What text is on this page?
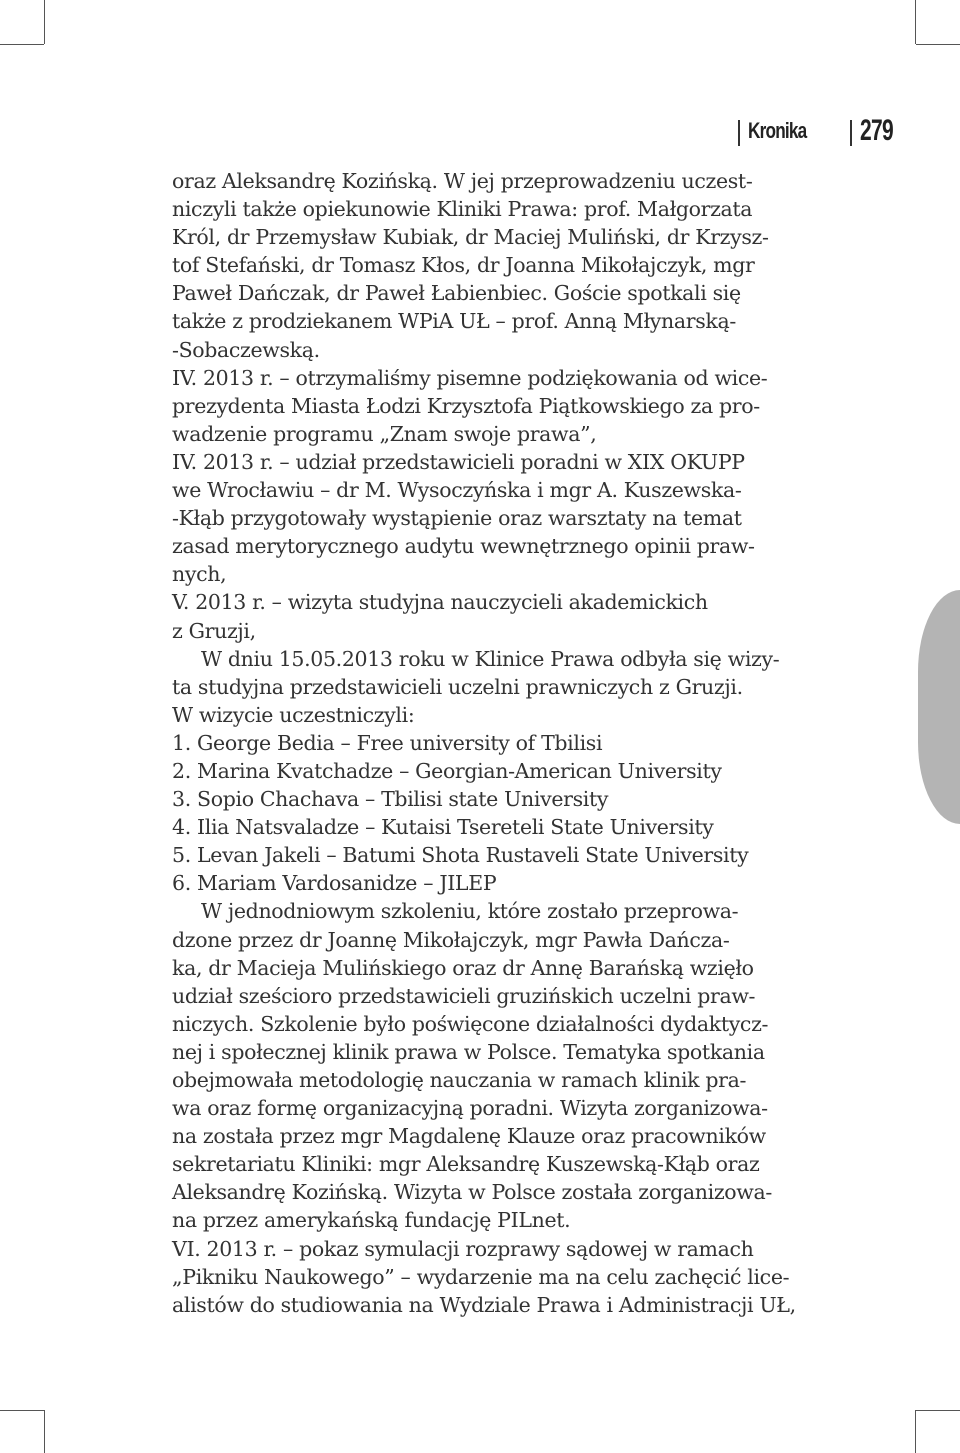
Kronika 279
oraz Aleksandrę Kozińską. W jej przeprowadzeniu uczest-
niczyli także opiekunowie Kliniki Prawa: prof. Małgorzata
Król, dr Przemysław Kubiak, dr Maciej Muliński, dr Krzysz-
tof Stefański, dr Tomasz Kłos, dr Joanna Mikołajczyk, mgr
Paweł Dańczak, dr Paweł Łabienbiec. Goście spotkali się
także z prodziekanem WPiA UŁ – prof. Anną Młynarską-
-Sobaczewską.
IV. 2013 r. – otrzymaliśmy pisemne podziękowania od wice-
prezydenta Miasta Łodzi Krzysztofa Piątkowskiego za pro-
wadzenie programu „Znam swoje prawa”,
IV. 2013 r. – udział przedstawicieli poradni w XIX OKUPP
we Wrocławiu – dr M. Wysoczyńska i mgr A. Kuszewska-
-Kłąb przygotowały wystąpienie oraz warsztaty na temat
zasad merytorycznego audytu wewnętrznego opinii praw-
nych,
V. 2013 r. – wizyta studyjna nauczycieli akademickich
z Gruzji,
W dniu 15.05.2013 roku w Klinice Prawa odbyła się wizy-
ta studyjna przedstawicieli uczelni prawniczych z Gruzji.
W wizycie uczestniczyli:
1. George Bedia – Free university of Tbilisi
2. Marina Kvatchadze – Georgian-American University
3. Sopio Chachava – Tbilisi state University
4. Ilia Natsvaladze – Kutaisi Tsereteli State University
5. Levan Jakeli – Batumi Shota Rustaveli State University
6. Mariam Vardosanidze – JILEP
W jednodniowym szkoleniu, które zostało przeprowa-
dzone przez dr Joannę Mikołajczyk, mgr Pawła Dańcza-
ka, dr Macieja Mulińskiego oraz dr Annę Barańską wzięło
udział sześcioro przedstawicieli gruzińskich uczelni praw-
niczych. Szkolenie było poświęcone działalności dydaktycz-
nej i społecznej klinik prawa w Polsce. Tematyka spotkania
obejmowała metodologię nauczania w ramach klinik pra-
wa oraz formę organizacyjną poradni. Wizyta zorganizowa-
na została przez mgr Magdalenę Klauze oraz pracowników
sekretariatu Kliniki: mgr Aleksandrę Kuszewską-Kłąb oraz
Aleksandrę Kozińską. Wizyta w Polsce została zorganizowa-
na przez amerykańską fundację PILnet.
VI. 2013 r. – pokaz symulacji rozprawy sądowej w ramach
„Pikniku Naukowego” – wydarzenie ma na celu zachęcić lice-
alistów do studiowania na Wydziale Prawa i Administracji UŁ,
